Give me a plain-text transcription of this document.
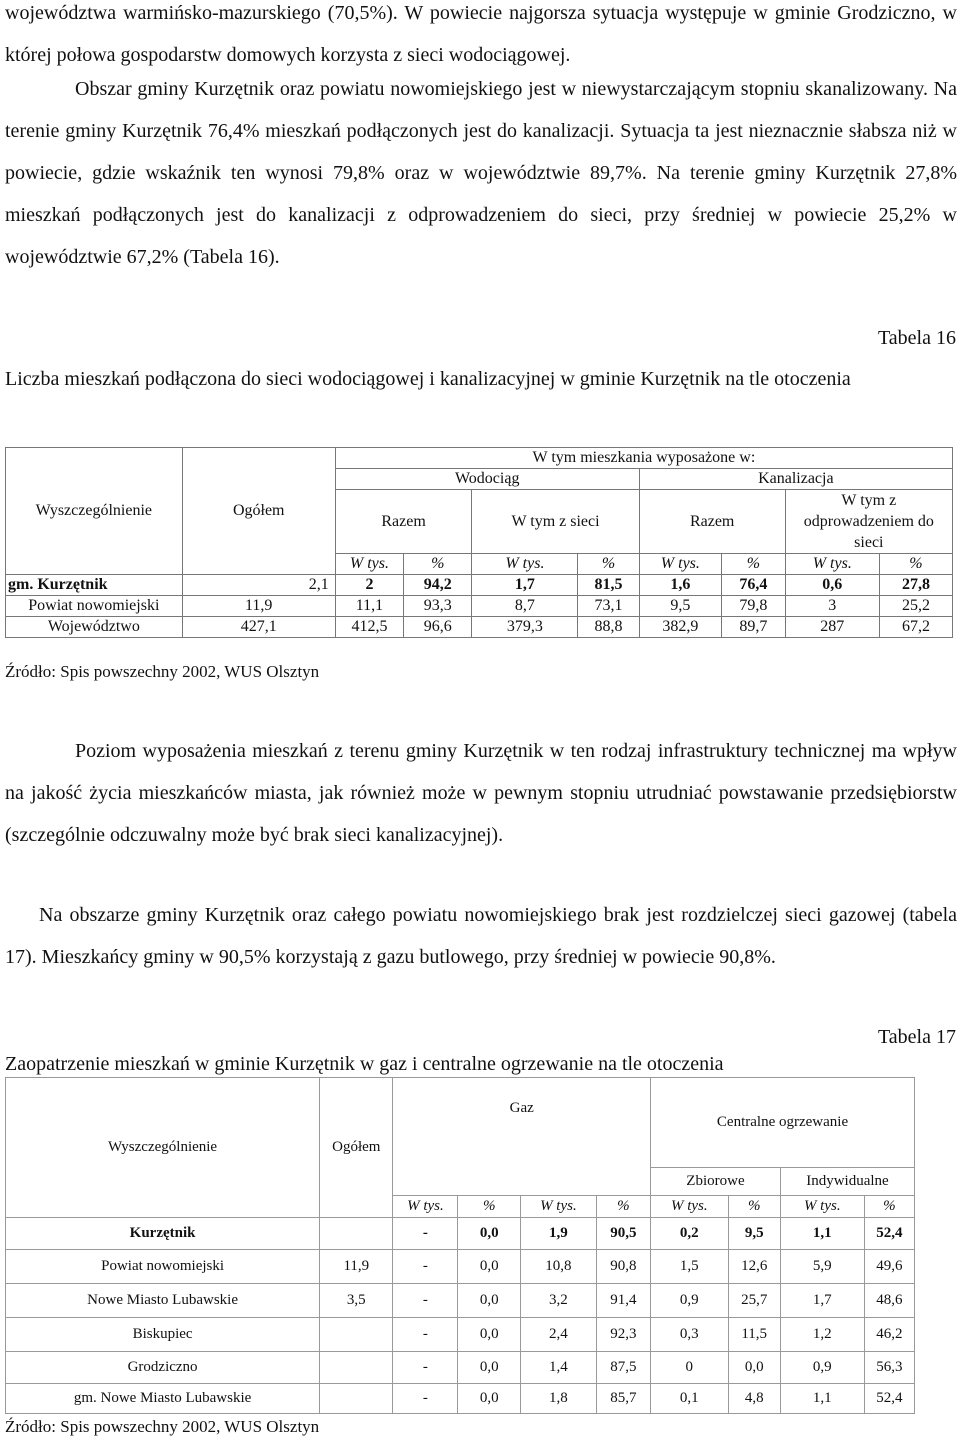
województwa warmińsko-mazurskiego (70,5%). W powiecie najgorsza sytuacja występuje w gminie Grodziczno, w której połowa gospodarstw domowych korzysta z sieci wodociągowej.

Obszar gminy Kurzętnik oraz powiatu nowomiejskiego jest w niewystarczającym stopniu skanalizowany. Na terenie gminy Kurzętnik 76,4% mieszkań podłączonych jest do kanalizacji. Sytuacja ta jest nieznacznie słabsza niż w powiecie, gdzie wskaźnik ten wynosi 79,8% oraz w województwie 89,7%. Na terenie gminy Kurzętnik 27,8% mieszkań podłączonych jest do kanalizacji z odprowadzeniem do sieci, przy średniej w powiecie 25,2% w województwie 67,2% (Tabela 16).

Tabela 16

Liczba mieszkań podłączona do sieci wodociągowej i kanalizacyjnej w gminie Kurzętnik na tle otoczenia

Wyszczególnienie	Ogółem	W tym mieszkania wyposażone w:							
		Wodociąg				Kanalizacja			
		Razem		W tym z sieci		Razem		W tym z odprowadzeniem do sieci	
		W tys.	%	W tys.	%	W tys.	%	W tys.	%
gm. Kurzętnik	2,1	2	94,2	1,7	81,5	1,6	76,4	0,6	27,8
Powiat nowomiejski	11,9	11,1	93,3	8,7	73,1	9,5	79,8	3	25,2
Województwo	427,1	412,5	96,6	379,3	88,8	382,9	89,7	287	67,2
Źródło: Spis powszechny 2002, WUS Olsztyn

Poziom wyposażenia mieszkań z terenu gminy Kurzętnik w ten rodzaj infrastruktury technicznej ma wpływ na jakość życia mieszkańców miasta, jak również może w pewnym stopniu utrudniać powstawanie przedsiębiorstw (szczególnie odczuwalny może być brak sieci kanalizacyjnej).

Na obszarze gminy Kurzętnik oraz całego powiatu nowomiejskiego brak jest rozdzielczej sieci gazowej (tabela 17). Mieszkańcy gminy w 90,5% korzystają z gazu butlowego, przy średniej w powiecie 90,8%.

Tabela 17

Zaopatrzenie mieszkań w gminie Kurzętnik w gaz i centralne ogrzewanie na tle otoczenia

Wyszczególnienie	Ogółem	Gaz				Centralne ogrzewanie			
						Zbiorowe		Indywidualne	
		W tys.	%	W tys.	%	W tys.	%	W tys.	%
Kurzętnik		-	0,0	1,9	90,5	0,2	9,5	1,1	52,4
Powiat nowomiejski	11,9	-	0,0	10,8	90,8	1,5	12,6	5,9	49,6
Nowe Miasto Lubawskie	3,5	-	0,0	3,2	91,4	0,9	25,7	1,7	48,6
Biskupiec		-	0,0	2,4	92,3	0,3	11,5	1,2	46,2
Grodziczno		-	0,0	1,4	87,5	0	0,0	0,9	56,3
gm. Nowe Miasto Lubawskie		-	0,0	1,8	85,7	0,1	4,8	1,1	52,4
Źródło: Spis powszechny 2002, WUS Olsztyn
